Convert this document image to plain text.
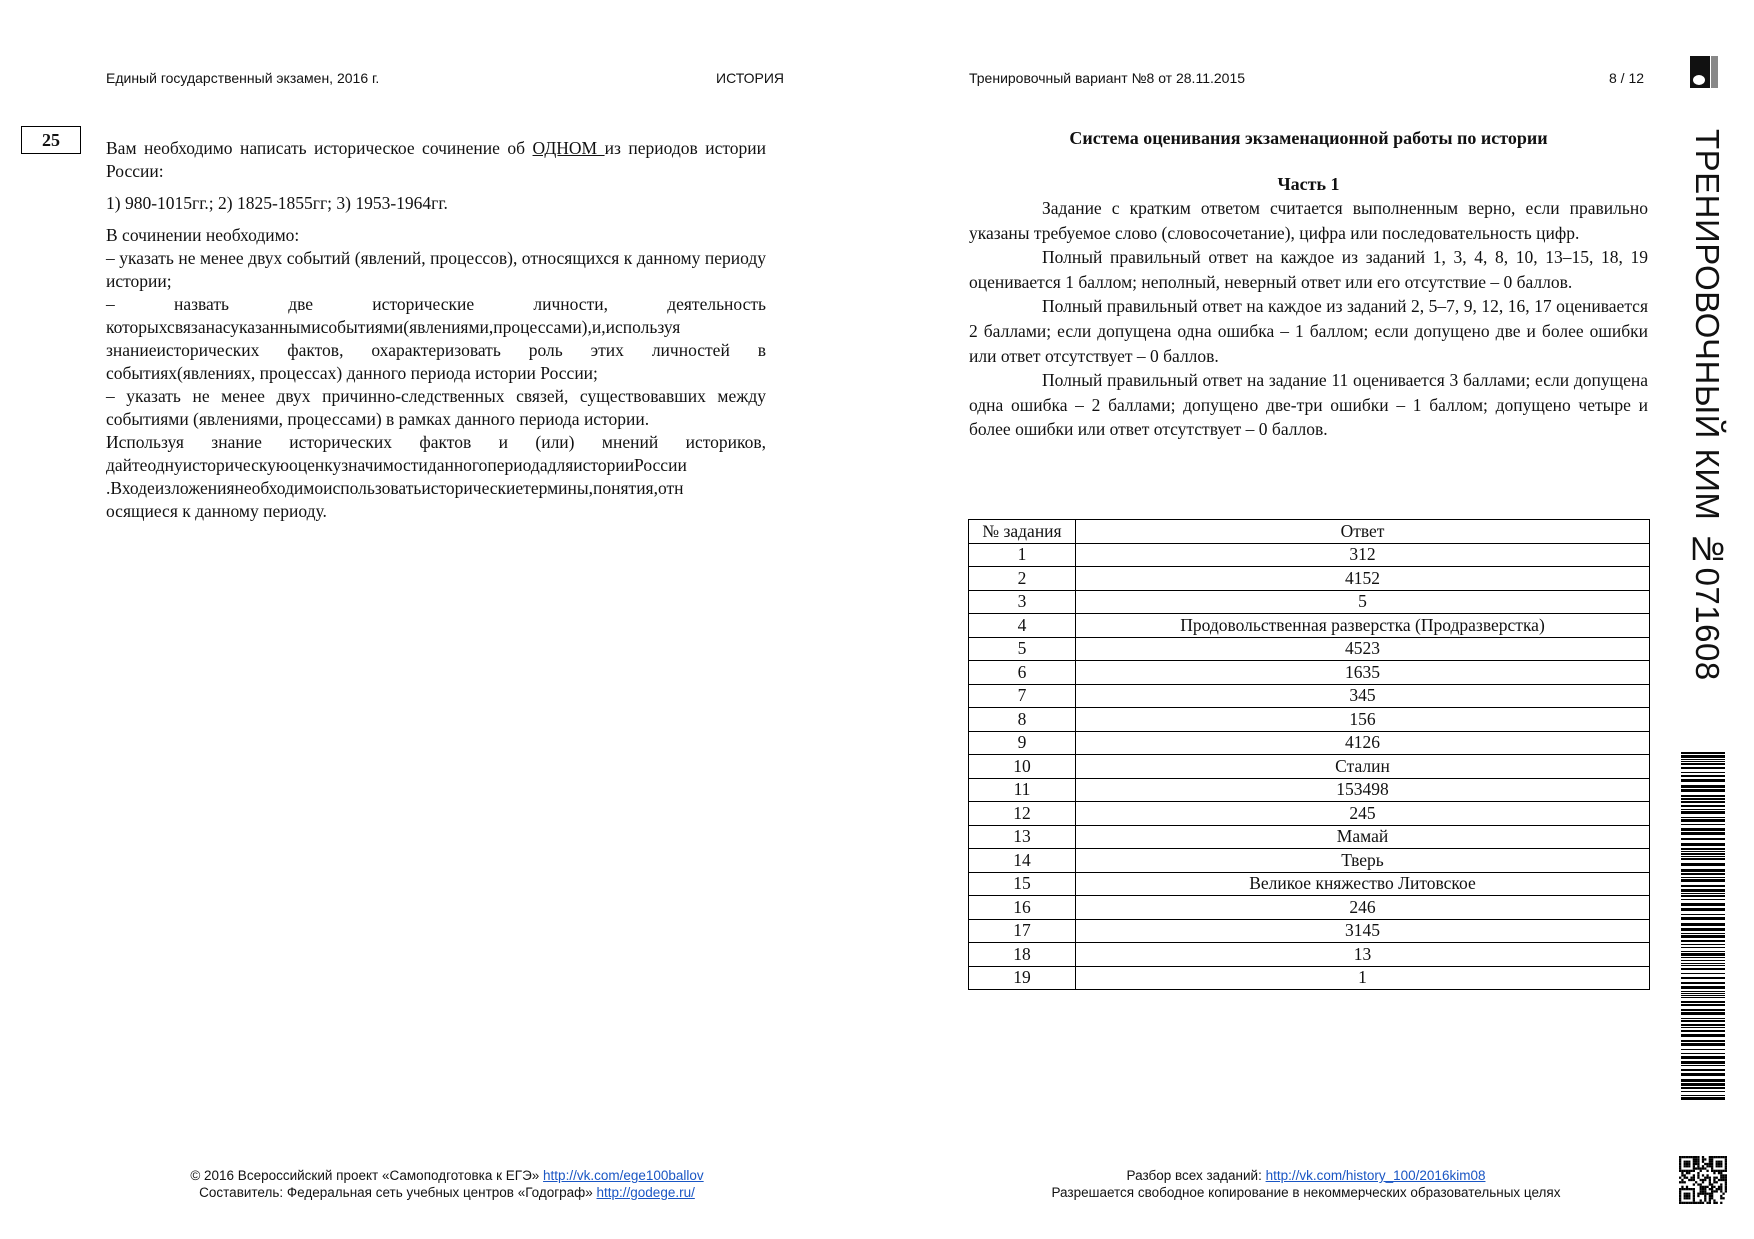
Единый государственный экзамен, 2016 г.	ИСТОРИЯ	Тренировочный вариант №8 от 28.11.2015	8 / 12
25	Вам необходимо написать историческое сочинение об ОДНОМ из периодов истории России:

1) 980-1015гг.; 2) 1825-1855гг; 3) 1953-1964гг.

В сочинении необходимо:

– указать не менее двух событий (явлений, процессов), относящихся к данному периоду истории;

– назвать две исторические личности, деятельность

которыхсвязанасуказаннымисобытиями(явлениями,процессами),и,используя

знаниеисторических фактов, охарактеризовать роль этих личностей в событиях(явлениях, процессах) данного периода истории России;

– указать не менее двух причинно-следственных связей, существовавших между событиями (явлениями, процессами) в рамках данного периода истории.

Используя знание исторических фактов и (или) мнений историков,

дайтеоднуисторическуюоценкузначимостиданногопериодадляисторииРоссии

.Входеизложениянеобходимоиспользоватьисторическиетермины,понятия,отн

осящиеся к данному периоду.

Система оценивания экзаменационной работы по истории
Часть 1

Задание с кратким ответом считается выполненным верно, если правильно указаны требуемое слово (словосочетание), цифра или последовательность цифр.

Полный правильный ответ на каждое из заданий 1, 3, 4, 8, 10, 13–15, 18, 19 оценивается 1 баллом; неполный, неверный ответ или его отсутствие – 0 баллов.

Полный правильный ответ на каждое из заданий 2, 5–7, 9, 12, 16, 17 оценивается 2 баллами; если допущена одна ошибка – 1 баллом; если допущено две и более ошибки или ответ отсутствует – 0 баллов.

Полный правильный ответ на задание 11 оценивается 3 баллами; если допущена одна ошибка – 2 баллами; допущено две-три ошибки – 1 баллом; допущено четыре и более ошибки или ответ отсутствует – 0 баллов.

№ задания	Ответ
1	312
2	4152
3	5
4	Продовольственная разверстка (Продразверстка)
5	4523
6	1635
7	345
8	156
9	4126
10	Сталин
11	153498
12	245
13	Мамай
14	Тверь
15	Великое княжество Литовское
16	246
17	3145
18	13
19	1
ТРЕНИРОВОЧНЫЙ КИМ №071608
© 2016 Всероссийский проект «Самоподготовка к ЕГЭ» http://vk.com/ege100ballov
Составитель: Федеральная сеть учебных центров «Годограф» http://godege.ru/
Разбор всех заданий: http://vk.com/history_100/2016kim08
Разрешается свободное копирование в некоммерческих образовательных целях
